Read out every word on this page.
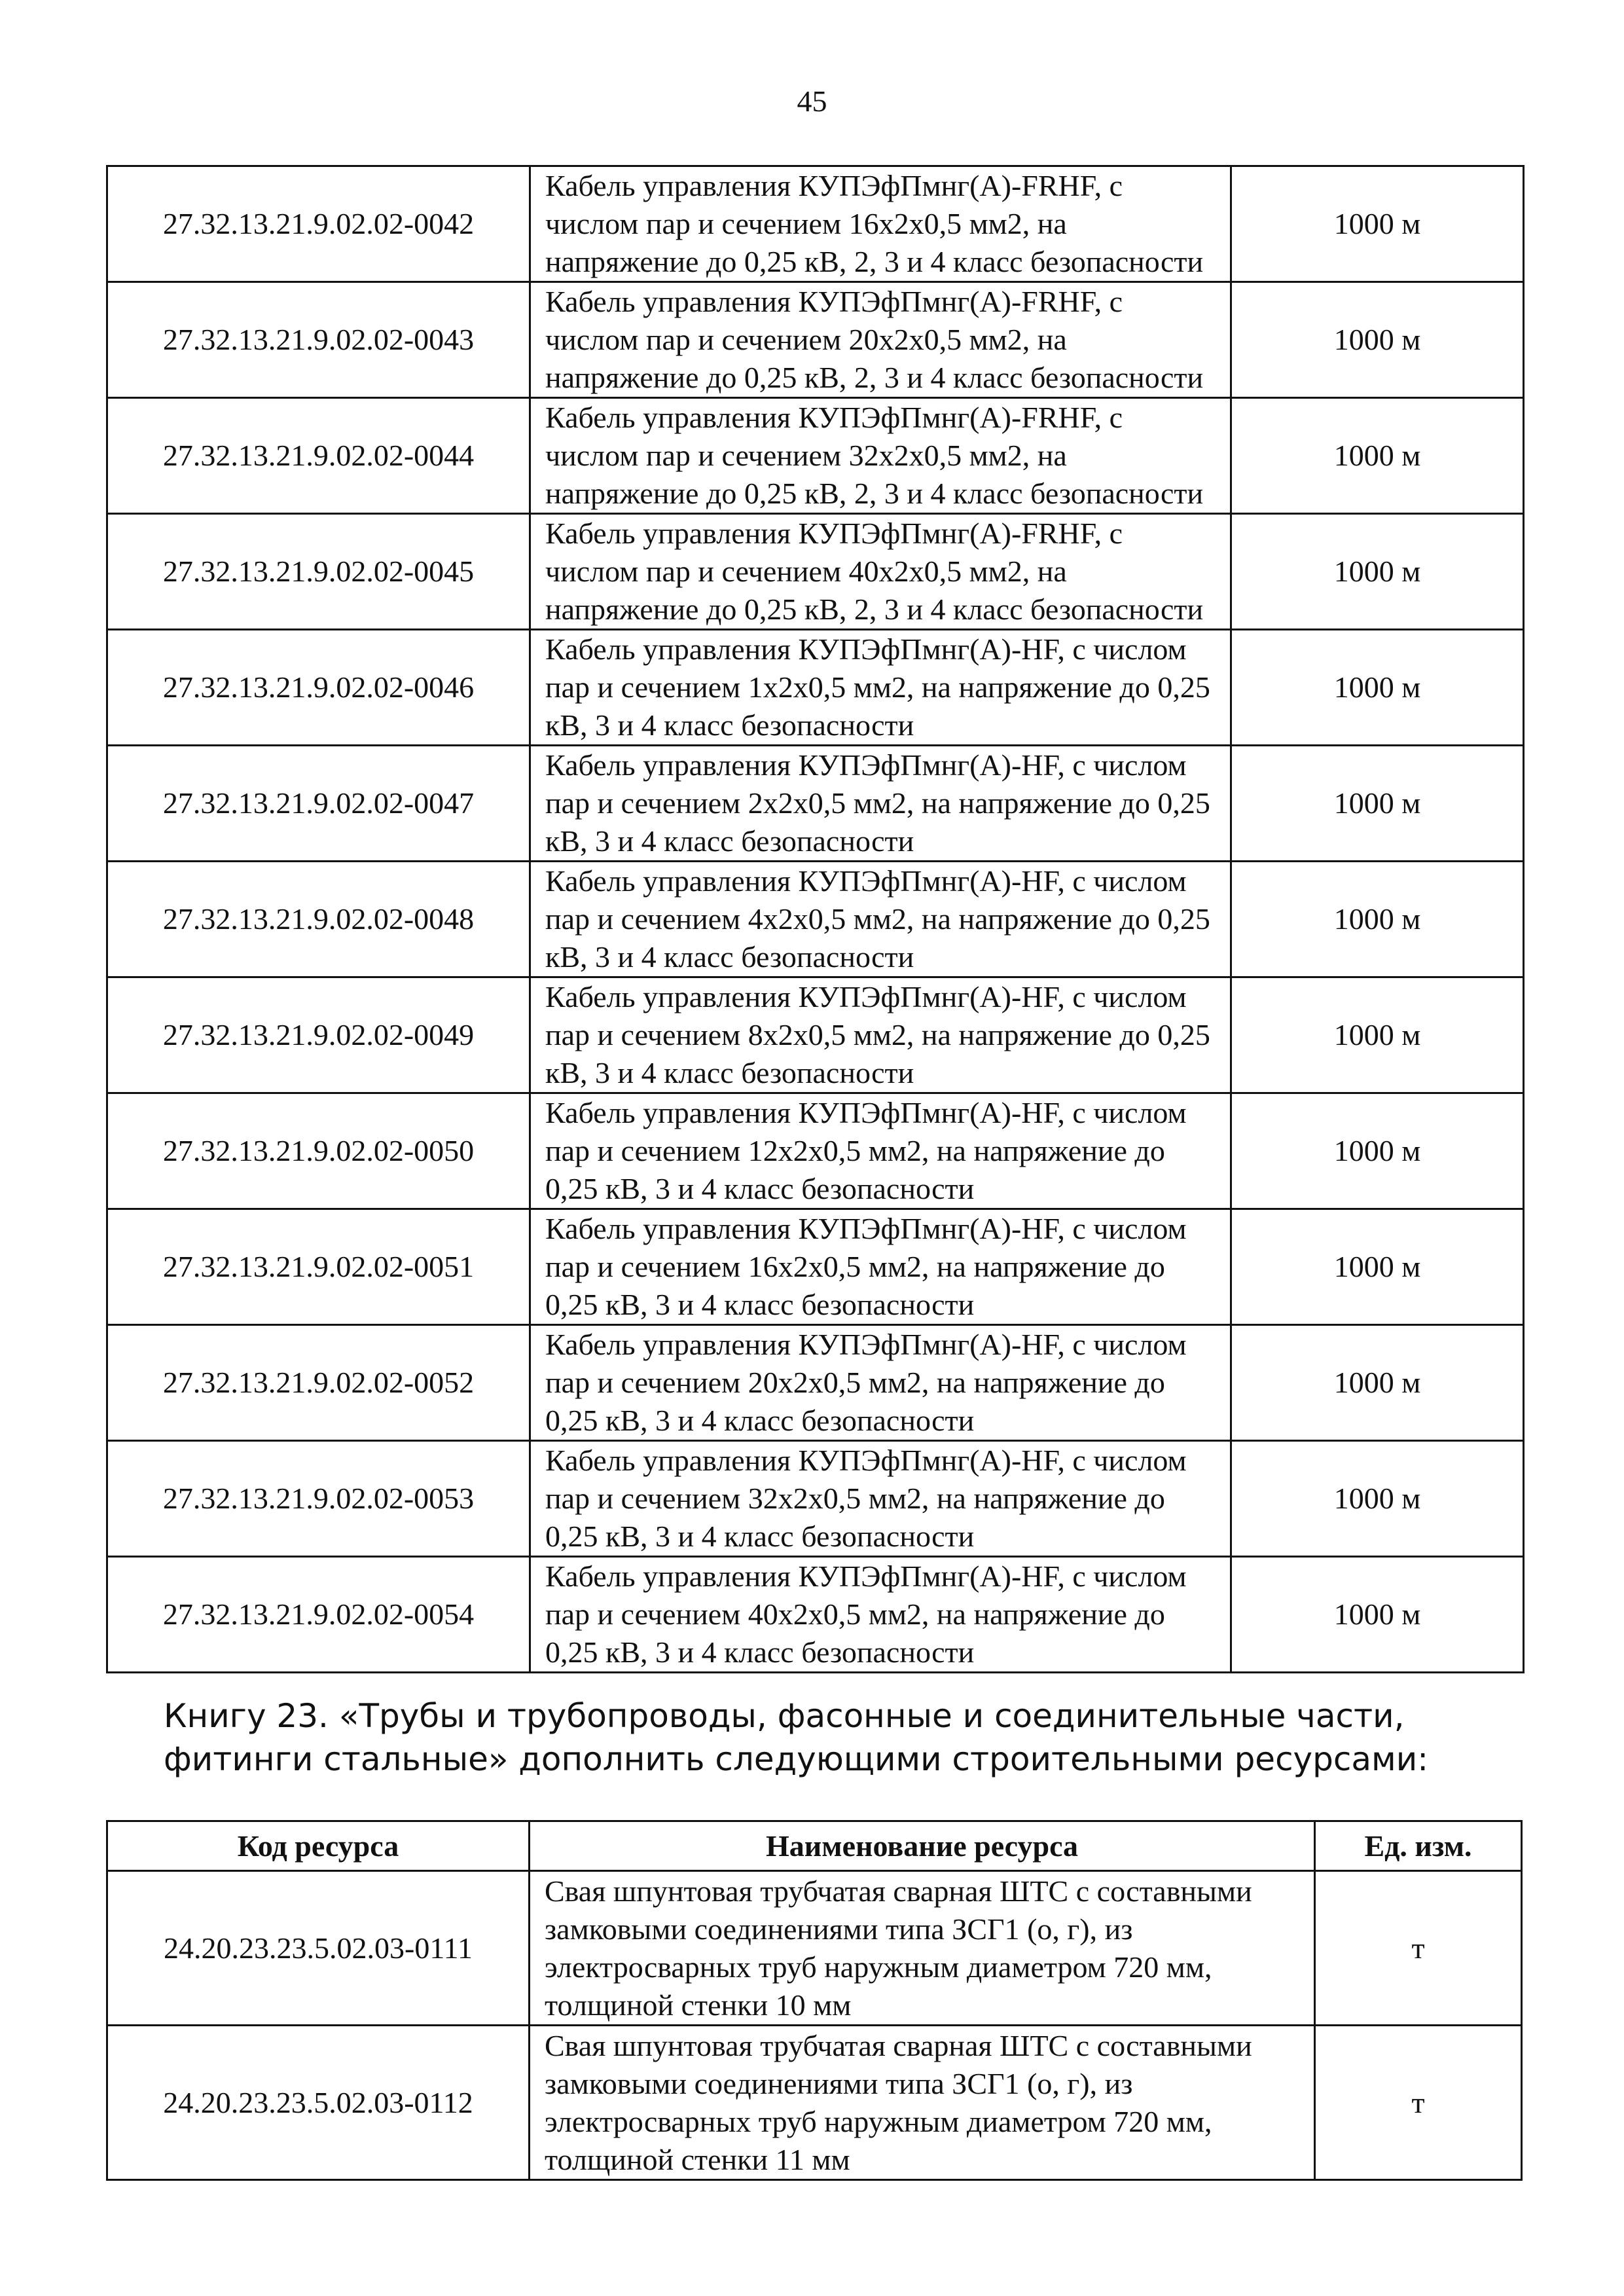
45
27.32.13.21.9.02.02-0042	Кабель управления КУПЭфПмнг(А)-FRHF, с числом пар и сечением 16х2х0,5 мм2, на напряжение до 0,25 кВ, 2, 3 и 4 класс безопасности	1000 м
27.32.13.21.9.02.02-0043	Кабель управления КУПЭфПмнг(А)-FRHF, с числом пар и сечением 20х2х0,5 мм2, на напряжение до 0,25 кВ, 2, 3 и 4 класс безопасности	1000 м
27.32.13.21.9.02.02-0044	Кабель управления КУПЭфПмнг(А)-FRHF, с числом пар и сечением 32х2х0,5 мм2, на напряжение до 0,25 кВ, 2, 3 и 4 класс безопасности	1000 м
27.32.13.21.9.02.02-0045	Кабель управления КУПЭфПмнг(А)-FRHF, с числом пар и сечением 40х2х0,5 мм2, на напряжение до 0,25 кВ, 2, 3 и 4 класс безопасности	1000 м
27.32.13.21.9.02.02-0046	Кабель управления КУПЭфПмнг(А)-HF, с числом пар и сечением 1х2х0,5 мм2, на напряжение до 0,25 кВ, 3 и 4 класс безопасности	1000 м
27.32.13.21.9.02.02-0047	Кабель управления КУПЭфПмнг(А)-HF, с числом пар и сечением 2х2х0,5 мм2, на напряжение до 0,25 кВ, 3 и 4 класс безопасности	1000 м
27.32.13.21.9.02.02-0048	Кабель управления КУПЭфПмнг(А)-HF, с числом пар и сечением 4х2х0,5 мм2, на напряжение до 0,25 кВ, 3 и 4 класс безопасности	1000 м
27.32.13.21.9.02.02-0049	Кабель управления КУПЭфПмнг(А)-HF, с числом пар и сечением 8х2х0,5 мм2, на напряжение до 0,25 кВ, 3 и 4 класс безопасности	1000 м
27.32.13.21.9.02.02-0050	Кабель управления КУПЭфПмнг(А)-HF, с числом пар и сечением 12х2х0,5 мм2, на напряжение до 0,25 кВ, 3 и 4 класс безопасности	1000 м
27.32.13.21.9.02.02-0051	Кабель управления КУПЭфПмнг(А)-HF, с числом пар и сечением 16х2х0,5 мм2, на напряжение до 0,25 кВ, 3 и 4 класс безопасности	1000 м
27.32.13.21.9.02.02-0052	Кабель управления КУПЭфПмнг(А)-HF, с числом пар и сечением 20х2х0,5 мм2, на напряжение до 0,25 кВ, 3 и 4 класс безопасности	1000 м
27.32.13.21.9.02.02-0053	Кабель управления КУПЭфПмнг(А)-HF, с числом пар и сечением 32х2х0,5 мм2, на напряжение до 0,25 кВ, 3 и 4 класс безопасности	1000 м
27.32.13.21.9.02.02-0054	Кабель управления КУПЭфПмнг(А)-HF, с числом пар и сечением 40х2х0,5 мм2, на напряжение до 0,25 кВ, 3 и 4 класс безопасности	1000 м

Книгу 23. «Трубы и трубопроводы, фасонные и соединительные части, фитинги стальные» дополнить следующими строительными ресурсами:

Код ресурса	Наименование ресурса	Ед. изм.
24.20.23.23.5.02.03-0111	Свая шпунтовая трубчатая сварная ШТС с составными замковыми соединениями типа ЗСГ1 (о, г), из электросварных труб наружным диаметром 720 мм, толщиной стенки 10 мм	т
24.20.23.23.5.02.03-0112	Свая шпунтовая трубчатая сварная ШТС с составными замковыми соединениями типа ЗСГ1 (о, г), из электросварных труб наружным диаметром 720 мм, толщиной стенки 11 мм	т
